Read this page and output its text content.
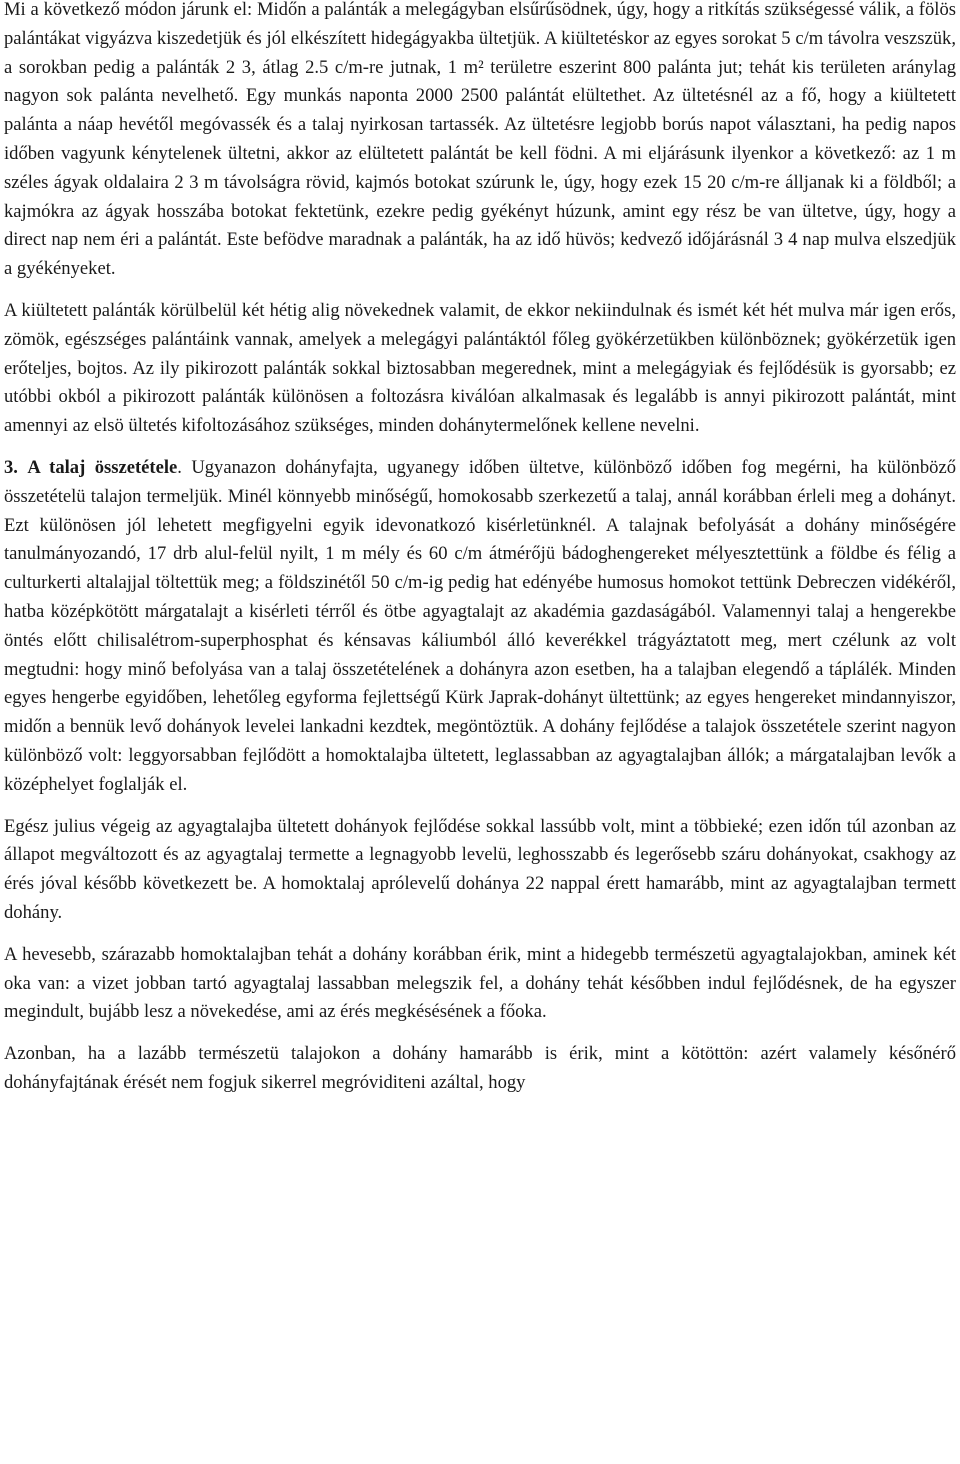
Mi a következő módon járunk el: Midőn a palánták a melegágyban elsűrűsödnek, úgy, hogy a ritkítás szükségessé válik, a fölös palántákat vigyázva kiszedetjük és jól elkészített hidegágyakba ültetjük. A kiültetéskor az egyes sorokat 5 c/m távolra veszszük, a sorokban pedig a palánták 2 3, átlag 2.5 c/m-re jutnak, 1 m² területre eszerint 800 palánta jut; tehát kis területen aránylag nagyon sok palánta nevelhető. Egy munkás naponta 2000 2500 palántát elültethet. Az ültetésnél az a fő, hogy a kiültetett palánta a náap hevétől megóvassék és a talaj nyirkosan tartassék. Az ültetésre legjobb borús napot választani, ha pedig napos időben vagyunk kénytelenek ültetni, akkor az elültetett palántát be kell födni. A mi eljárásunk ilyenkor a következő: az 1 m széles ágyak oldalaira 2 3 m távolságra rövid, kajmós botokat szúrunk le, úgy, hogy ezek 15 20 c/m-re álljanak ki a földből; a kajmókra az ágyak hosszába botokat fektetünk, ezekre pedig gyékényt húzunk, amint egy rész be van ültetve, úgy, hogy a direct nap nem éri a palántát. Este befödve maradnak a palánták, ha az idő hüvös; kedvező időjárásnál 3 4 nap mulva elszedjük a gyékényeket.

A kiültetett palánták körülbelül két hétig alig növekednek valamit, de ekkor nekiindulnak és ismét két hét mulva már igen erős, zömök, egészséges palántáink vannak, amelyek a melegágyi palántáktól főleg gyökérzetükben különböznek; gyökérzetük igen erőteljes, bojtos. Az ily pikirozott palánták sokkal biztosabban megerednek, mint a melegágyiak és fejlődésük is gyorsabb; ez utóbbi okból a pikirozott palánták különösen a foltozásra kiválóan alkalmasak és legalább is annyi pikirozott palántát, mint amennyi az elsö ültetés kifoltozásához szükséges, minden dohánytermelőnek kellene nevelni.

3. A talaj összetétele. Ugyanazon dohányfajta, ugyanegy időben ültetve, különböző időben fog megérni, ha különböző összetételü talajon termeljük. Minél könnyebb minőségű, homokosabb szerkezetű a talaj, annál korábban érleli meg a dohányt. Ezt különösen jól lehetett megfigyelni egyik idevonatkozó kisérletünknél. A talajnak befolyását a dohány minőségére tanulmányozandó, 17 drb alul-felül nyilt, 1 m mély és 60 c/m átmérőjü bádoghengereket mélyesztettünk a földbe és félig a culturkerti altalajjal töltettük meg; a földszinétől 50 c/m-ig pedig hat edényébe humosus homokot tettünk Debreczen vidékéről, hatba középkötött márgatalajt a kisérleti térről és ötbe agyagtalajt az akadémia gazdaságából. Valamennyi talaj a hengerekbe öntés előtt chilisalétrom-superphosphat és kénsavas káliumból álló keverékkel trágyáztatott meg, mert czélunk az volt megtudni: hogy minő befolyása van a talaj összetételének a dohányra azon esetben, ha a talajban elegendő a táplálék. Minden egyes hengerbe egyidőben, lehetőleg egyforma fejlettségű Kürk Japrak-dohányt ültettünk; az egyes hengereket mindannyiszor, midőn a bennük levő dohányok levelei lankadni kezdtek, megöntöztük. A dohány fejlődése a talajok összetétele szerint nagyon különböző volt: leggyorsabban fejlődött a homoktalajba ültetett, leglassabban az agyagtalajban állók; a márgatalajban levők a középhelyet foglalják el.

Egész julius végeig az agyagtalajba ültetett dohányok fejlődése sokkal lassúbb volt, mint a többieké; ezen időn túl azonban az állapot megváltozott és az agyagtalaj termette a legnagyobb levelü, leghosszabb és legerősebb száru dohányokat, csakhogy az érés jóval később következett be. A homoktalaj aprólevelű dohánya 22 nappal érett hamarább, mint az agyagtalajban termett dohány.

A hevesebb, szárazabb homoktalajban tehát a dohány korábban érik, mint a hidegebb természetü agyagtalajokban, aminek két oka van: a vizet jobban tartó agyagtalaj lassabban melegszik fel, a dohány tehát későbben indul fejlődésnek, de ha egyszer megindult, bujább lesz a növekedése, ami az érés megkésésének a főoka.

Azonban, ha a lazább természetü talajokon a dohány hamarább is érik, mint a kötöttön: azért valamely későnérő dohányfajtának érését nem fogjuk sikerrel megróviditeni azáltal, hogy
